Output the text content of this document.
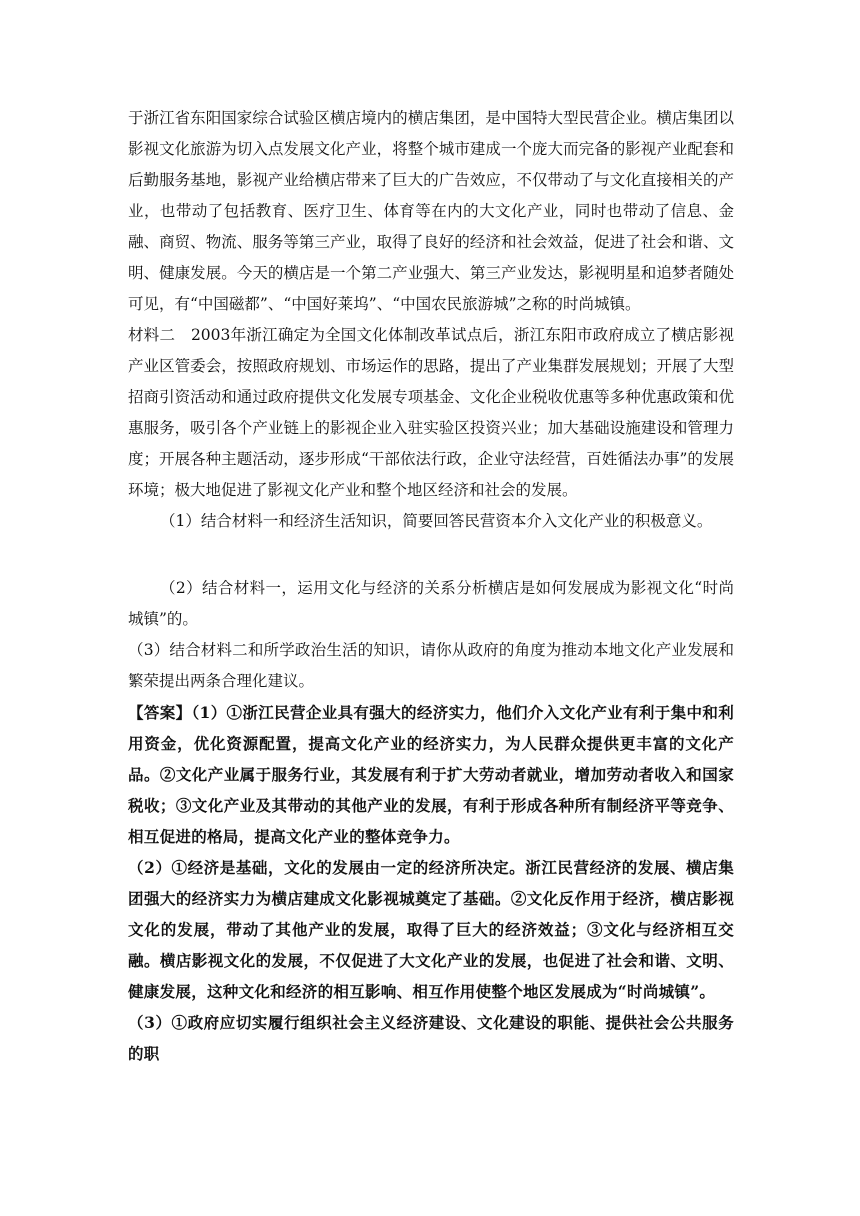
于浙江省东阳国家综合试验区横店境内的横店集团，是中国特大型民营企业。横店集团以影视文化旅游为切入点发展文化产业，将整个城市建成一个庞大而完备的影视产业配套和后勤服务基地，影视产业给横店带来了巨大的广告效应，不仅带动了与文化直接相关的产业，也带动了包括教育、医疗卫生、体育等在内的大文化产业，同时也带动了信息、金融、商贸、物流、服务等第三产业，取得了良好的经济和社会效益，促进了社会和谐、文明、健康发展。今天的横店是一个第二产业强大、第三产业发达，影视明星和追梦者随处可见，有“中国磁都”、“中国好莱坞”、“中国农民旅游城”之称的时尚城镇。

材料二　2003年浙江确定为全国文化体制改革试点后，浙江东阳市政府成立了横店影视产业区管委会，按照政府规划、市场运作的思路，提出了产业集群发展规划；开展了大型招商引资活动和通过政府提供文化发展专项基金、文化企业税收优惠等多种优惠政策和优惠服务，吸引各个产业链上的影视企业入驻实验区投资兴业；加大基础设施建设和管理力度；开展各种主题活动，逐步形成“干部依法行政，企业守法经营，百姓循法办事”的发展环境；极大地促进了影视文化产业和整个地区经济和社会的发展。

（1）结合材料一和经济生活知识，简要回答民营资本介入文化产业的积极意义。

（2）结合材料一，运用文化与经济的关系分析横店是如何发展成为影视文化“时尚城镇”的。

（3）结合材料二和所学政治生活的知识，请你从政府的角度为推动本地文化产业发展和繁荣提出两条合理化建议。

【答案】（1）①浙江民营企业具有强大的经济实力，他们介入文化产业有利于集中和利用资金，优化资源配置，提高文化产业的经济实力，为人民群众提供更丰富的文化产品。②文化产业属于服务行业，其发展有利于扩大劳动者就业，增加劳动者收入和国家税收；③文化产业及其带动的其他产业的发展，有利于形成各种所有制经济平等竞争、相互促进的格局，提高文化产业的整体竞争力。

（2）①经济是基础，文化的发展由一定的经济所决定。浙江民营经济的发展、横店集团强大的经济实力为横店建成文化影视城奠定了基础。②文化反作用于经济，横店影视文化的发展，带动了其他产业的发展，取得了巨大的经济效益；③文化与经济相互交融。横店影视文化的发展，不仅促进了大文化产业的发展，也促进了社会和谐、文明、健康发展，这种文化和经济的相互影响、相互作用使整个地区发展成为“时尚城镇”。

（3）①政府应切实履行组织社会主义经济建设、文化建设的职能、提供社会公共服务的职
